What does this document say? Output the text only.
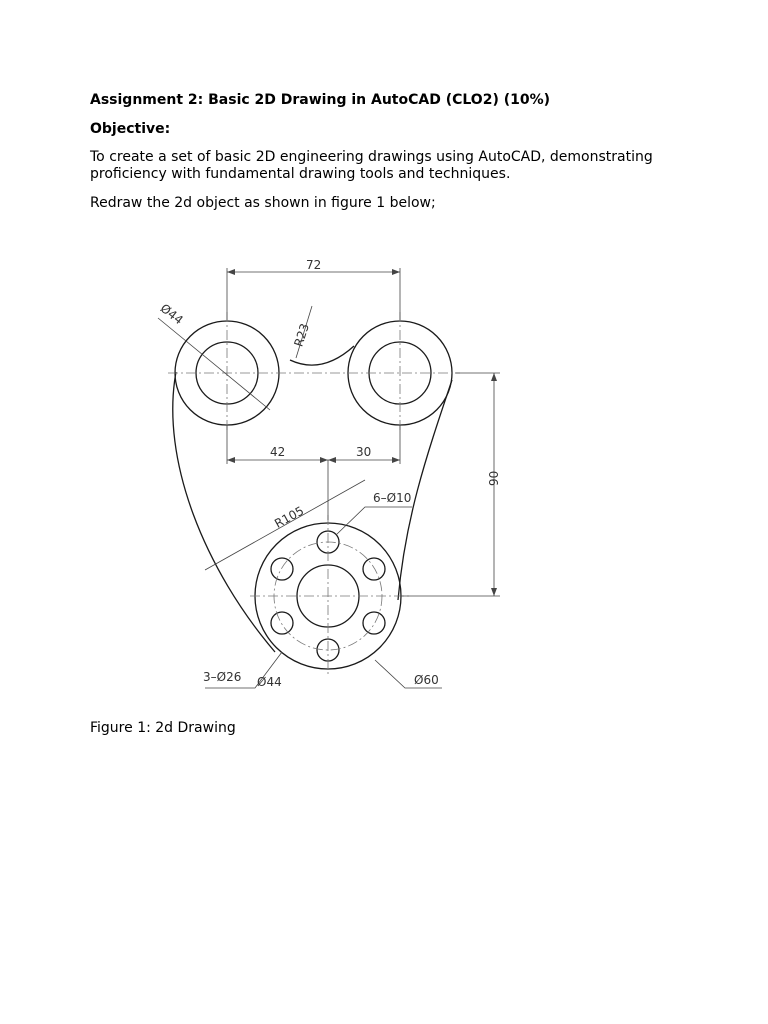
Assignment 2: Basic 2D Drawing in AutoCAD (CLO2) (10%)

Objective:

To create a set of basic 2D engineering drawings using AutoCAD, demonstrating proficiency with fundamental drawing tools and techniques.

Redraw the 2d object as shown in figure 1 below;

72
Ø44
R23
42	30
90
R105
6–Ø10
3–Ø26 Ø44	Ø60

Figure 1: 2d Drawing
